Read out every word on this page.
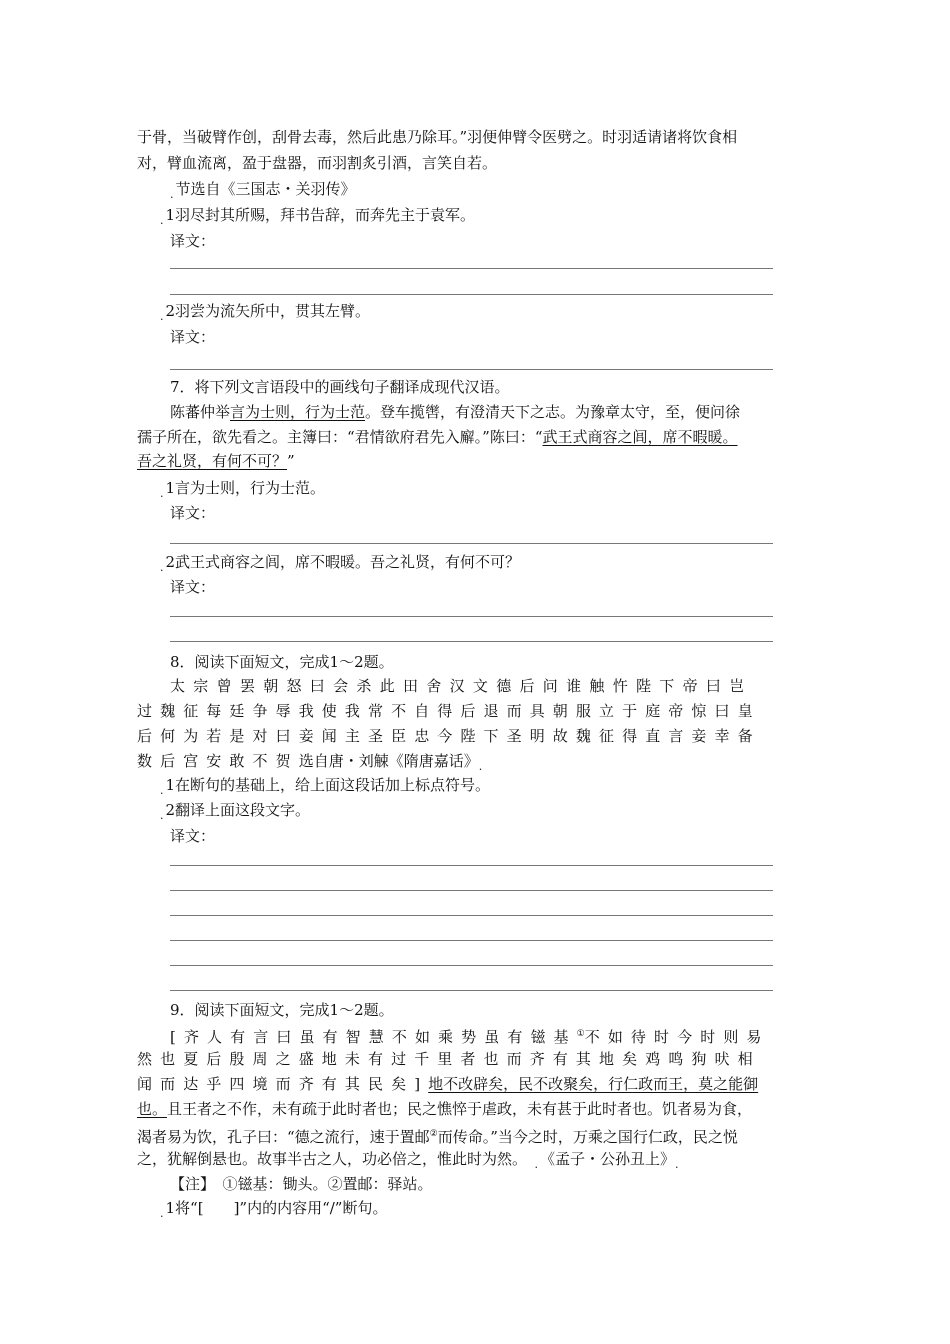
于骨，当破臂作创，刮骨去毒，然后此患乃除耳。”羽便伸臂令医劈之。时羽适请诸将饮食相
对，臂血流离，盈于盘器，而羽割炙引酒，言笑自若。
$_.$ 节选自《三国志・关羽传》
$_.$ 1羽尽封其所赐，拜书告辞，而奔先主于袁军。
译文：
$_.$ 2羽尝为流矢所中，贯其左臂。
译文：
7．将下列文言语段中的画线句子翻译成现代汉语。
陈蕃仲举言为士则，行为士范。登车揽辔，有澄清天下之志。为豫章太守，至，便问徐
孺子所在，欲先看之。主簿曰：“君情欲府君先入廨。”陈曰：“武王式商容之闾，席不暇暖。
吾之礼贤，有何不可？”
$_.$ 1言为士则，行为士范。
译文：
$_.$ 2武王式商容之闾，席不暇暖。吾之礼贤，有何不可？
译文：
8．阅读下面短文，完成1～2题。
太宗曾罢朝怒曰会杀此田舍汉文德后问谁触忤陛下帝曰岂
过魏征每廷争辱我使我常不自得后退而具朝服立于庭帝惊曰皇
后何为若是对曰妾闻主圣臣忠今陛下圣明故魏征得直言妾幸备
数后宫安敢不贺选自唐・刘觫《隋唐嘉话》$_.$
$_.$ 1在断句的基础上，给上面这段话加上标点符号。
$_.$ 2翻译上面这段文字。
译文：
9．阅读下面短文，完成1～2题。
[齐人有言曰虽有智慧不如乘势虽有镃基①不如待时今时则易
然也夏后殷周之盛地未有过千里者也而齐有其地矣鸡鸣狗吠相
闻而达乎四境而齐有其民矣]地不改辟矣，民不改聚矣，行仁政而王，莫之能御
也。且王者之不作，未有疏于此时者也；民之憔悴于虐政，未有甚于此时者也。饥者易为食，
渴者易为饮，孔子曰：“德之流行，速于置邮②而传命。”当今之时，万乘之国行仁政，民之悦
之，犹解倒悬也。故事半古之人，功必倍之，惟此时为然。　 $_.$ 《孟子・公孙丑上》$_.$
【注】　①镃基：锄头。②置邮：驿站。
$_.$ 1将“[　　]”内的内容用“/”断句。
